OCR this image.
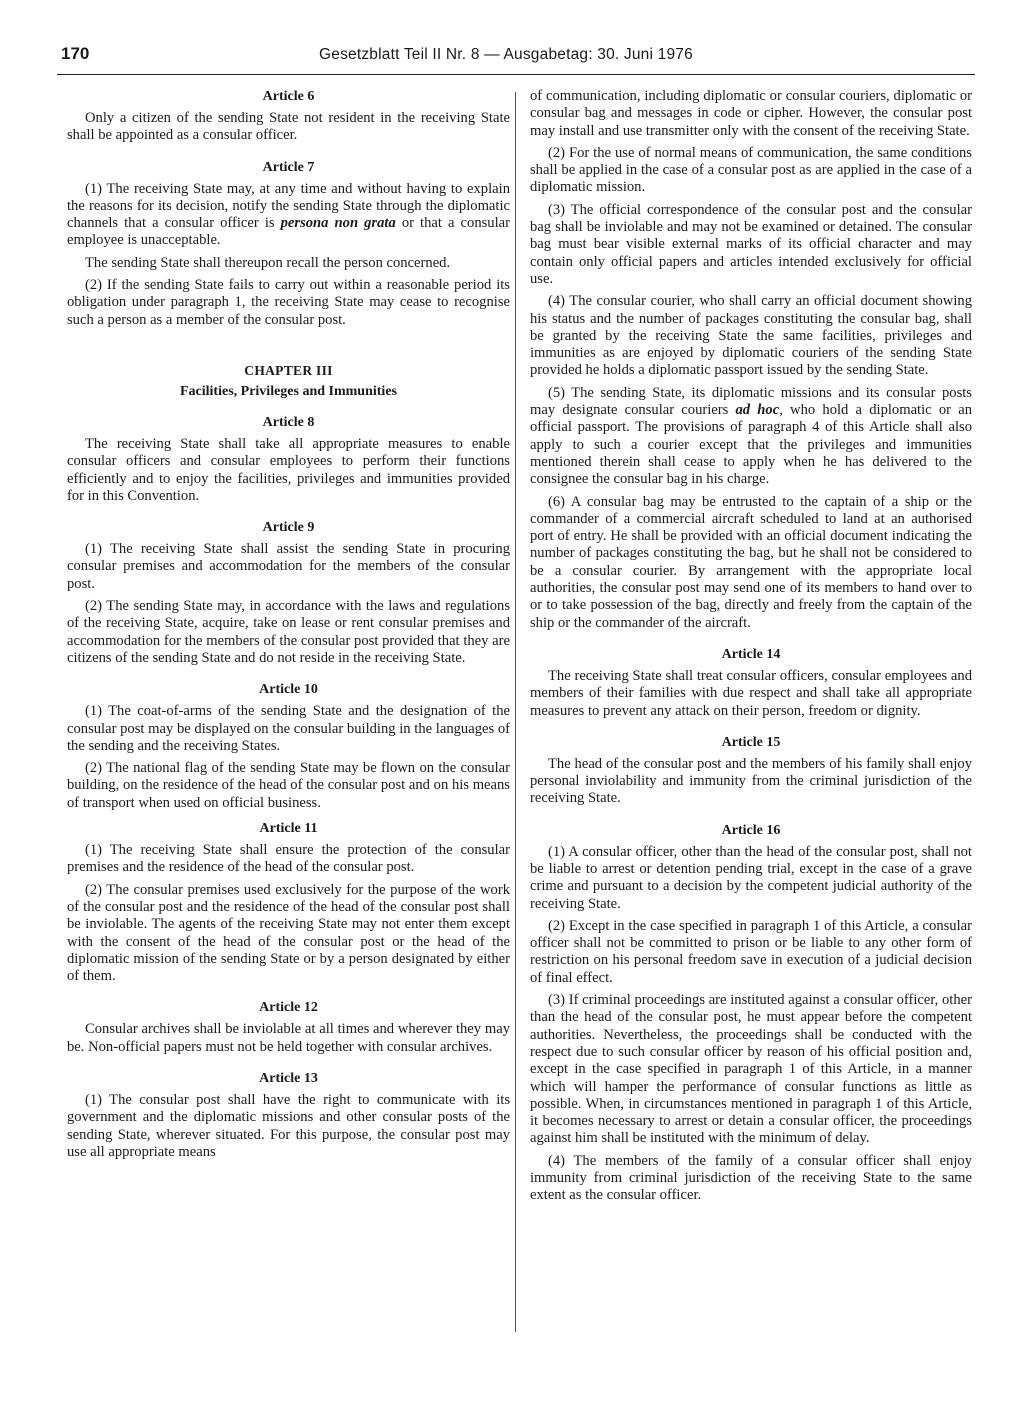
170	Gesetzblatt Teil II Nr. 8 — Ausgabetag: 30. Juni 1976
Article 6

Only a citizen of the sending State not resident in the receiving State shall be appointed as a consular officer.

Article 7

(1) The receiving State may, at any time and without having to explain the reasons for its decision, notify the sending State through the diplomatic channels that a consular officer is persona non grata or that a consular employee is unacceptable.

The sending State shall thereupon recall the person concerned.

(2) If the sending State fails to carry out within a reasonable period its obligation under paragraph 1, the receiving State may cease to recognise such a person as a member of the consular post.

CHAPTER III
Facilities, Privileges and Immunities
Article 8

The receiving State shall take all appropriate measures to enable consular officers and consular employees to perform their functions efficiently and to enjoy the facilities, privileges and immunities provided for in this Convention.

Article 9

(1) The receiving State shall assist the sending State in procuring consular premises and accommodation for the members of the consular post.

(2) The sending State may, in accordance with the laws and regulations of the receiving State, acquire, take on lease or rent consular premises and accommodation for the members of the consular post provided that they are citizens of the sending State and do not reside in the receiving State.

Article 10

(1) The coat-of-arms of the sending State and the designation of the consular post may be displayed on the consular building in the languages of the sending and the receiving States.

(2) The national flag of the sending State may be flown on the consular building, on the residence of the head of the consular post and on his means of transport when used on official business.

Article 11

(1) The receiving State shall ensure the protection of the consular premises and the residence of the head of the consular post.

(2) The consular premises used exclusively for the purpose of the work of the consular post and the residence of the head of the consular post shall be inviolable. The agents of the receiving State may not enter them except with the consent of the head of the consular post or the head of the diplomatic mission of the sending State or by a person designated by either of them.

Article 12

Consular archives shall be inviolable at all times and wherever they may be. Non-official papers must not be held together with consular archives.

Article 13

(1) The consular post shall have the right to communicate with its government and the diplomatic missions and other consular posts of the sending State, wherever situated. For this purpose, the consular post may use all appropriate means

of communication, including diplomatic or consular couriers, diplomatic or consular bag and messages in code or cipher. However, the consular post may install and use transmitter only with the consent of the receiving State.

(2) For the use of normal means of communication, the same conditions shall be applied in the case of a consular post as are applied in the case of a diplomatic mission.

(3) The official correspondence of the consular post and the consular bag shall be inviolable and may not be examined or detained. The consular bag must bear visible external marks of its official character and may contain only official papers and articles intended exclusively for official use.

(4) The consular courier, who shall carry an official document showing his status and the number of packages constituting the consular bag, shall be granted by the receiving State the same facilities, privileges and immunities as are enjoyed by diplomatic couriers of the sending State provided he holds a diplomatic passport issued by the sending State.

(5) The sending State, its diplomatic missions and its consular posts may designate consular couriers ad hoc, who hold a diplomatic or an official passport. The provisions of paragraph 4 of this Article shall also apply to such a courier except that the privileges and immunities mentioned therein shall cease to apply when he has delivered to the consignee the consular bag in his charge.

(6) A consular bag may be entrusted to the captain of a ship or the commander of a commercial aircraft scheduled to land at an authorised port of entry. He shall be provided with an official document indicating the number of packages constituting the bag, but he shall not be considered to be a consular courier. By arrangement with the appropriate local authorities, the consular post may send one of its members to hand over to or to take possession of the bag, directly and freely from the captain of the ship or the commander of the aircraft.

Article 14

The receiving State shall treat consular officers, consular employees and members of their families with due respect and shall take all appropriate measures to prevent any attack on their person, freedom or dignity.

Article 15

The head of the consular post and the members of his family shall enjoy personal inviolability and immunity from the criminal jurisdiction of the receiving State.

Article 16

(1) A consular officer, other than the head of the consular post, shall not be liable to arrest or detention pending trial, except in the case of a grave crime and pursuant to a decision by the competent judicial authority of the receiving State.

(2) Except in the case specified in paragraph 1 of this Article, a consular officer shall not be committed to prison or be liable to any other form of restriction on his personal freedom save in execution of a judicial decision of final effect.

(3) If criminal proceedings are instituted against a consular officer, other than the head of the consular post, he must appear before the competent authorities. Nevertheless, the proceedings shall be conducted with the respect due to such consular officer by reason of his official position and, except in the case specified in paragraph 1 of this Article, in a manner which will hamper the performance of consular functions as little as possible. When, in circumstances mentioned in paragraph 1 of this Article, it becomes necessary to arrest or detain a consular officer, the proceedings against him shall be instituted with the minimum of delay.

(4) The members of the family of a consular officer shall enjoy immunity from criminal jurisdiction of the receiving State to the same extent as the consular officer.
